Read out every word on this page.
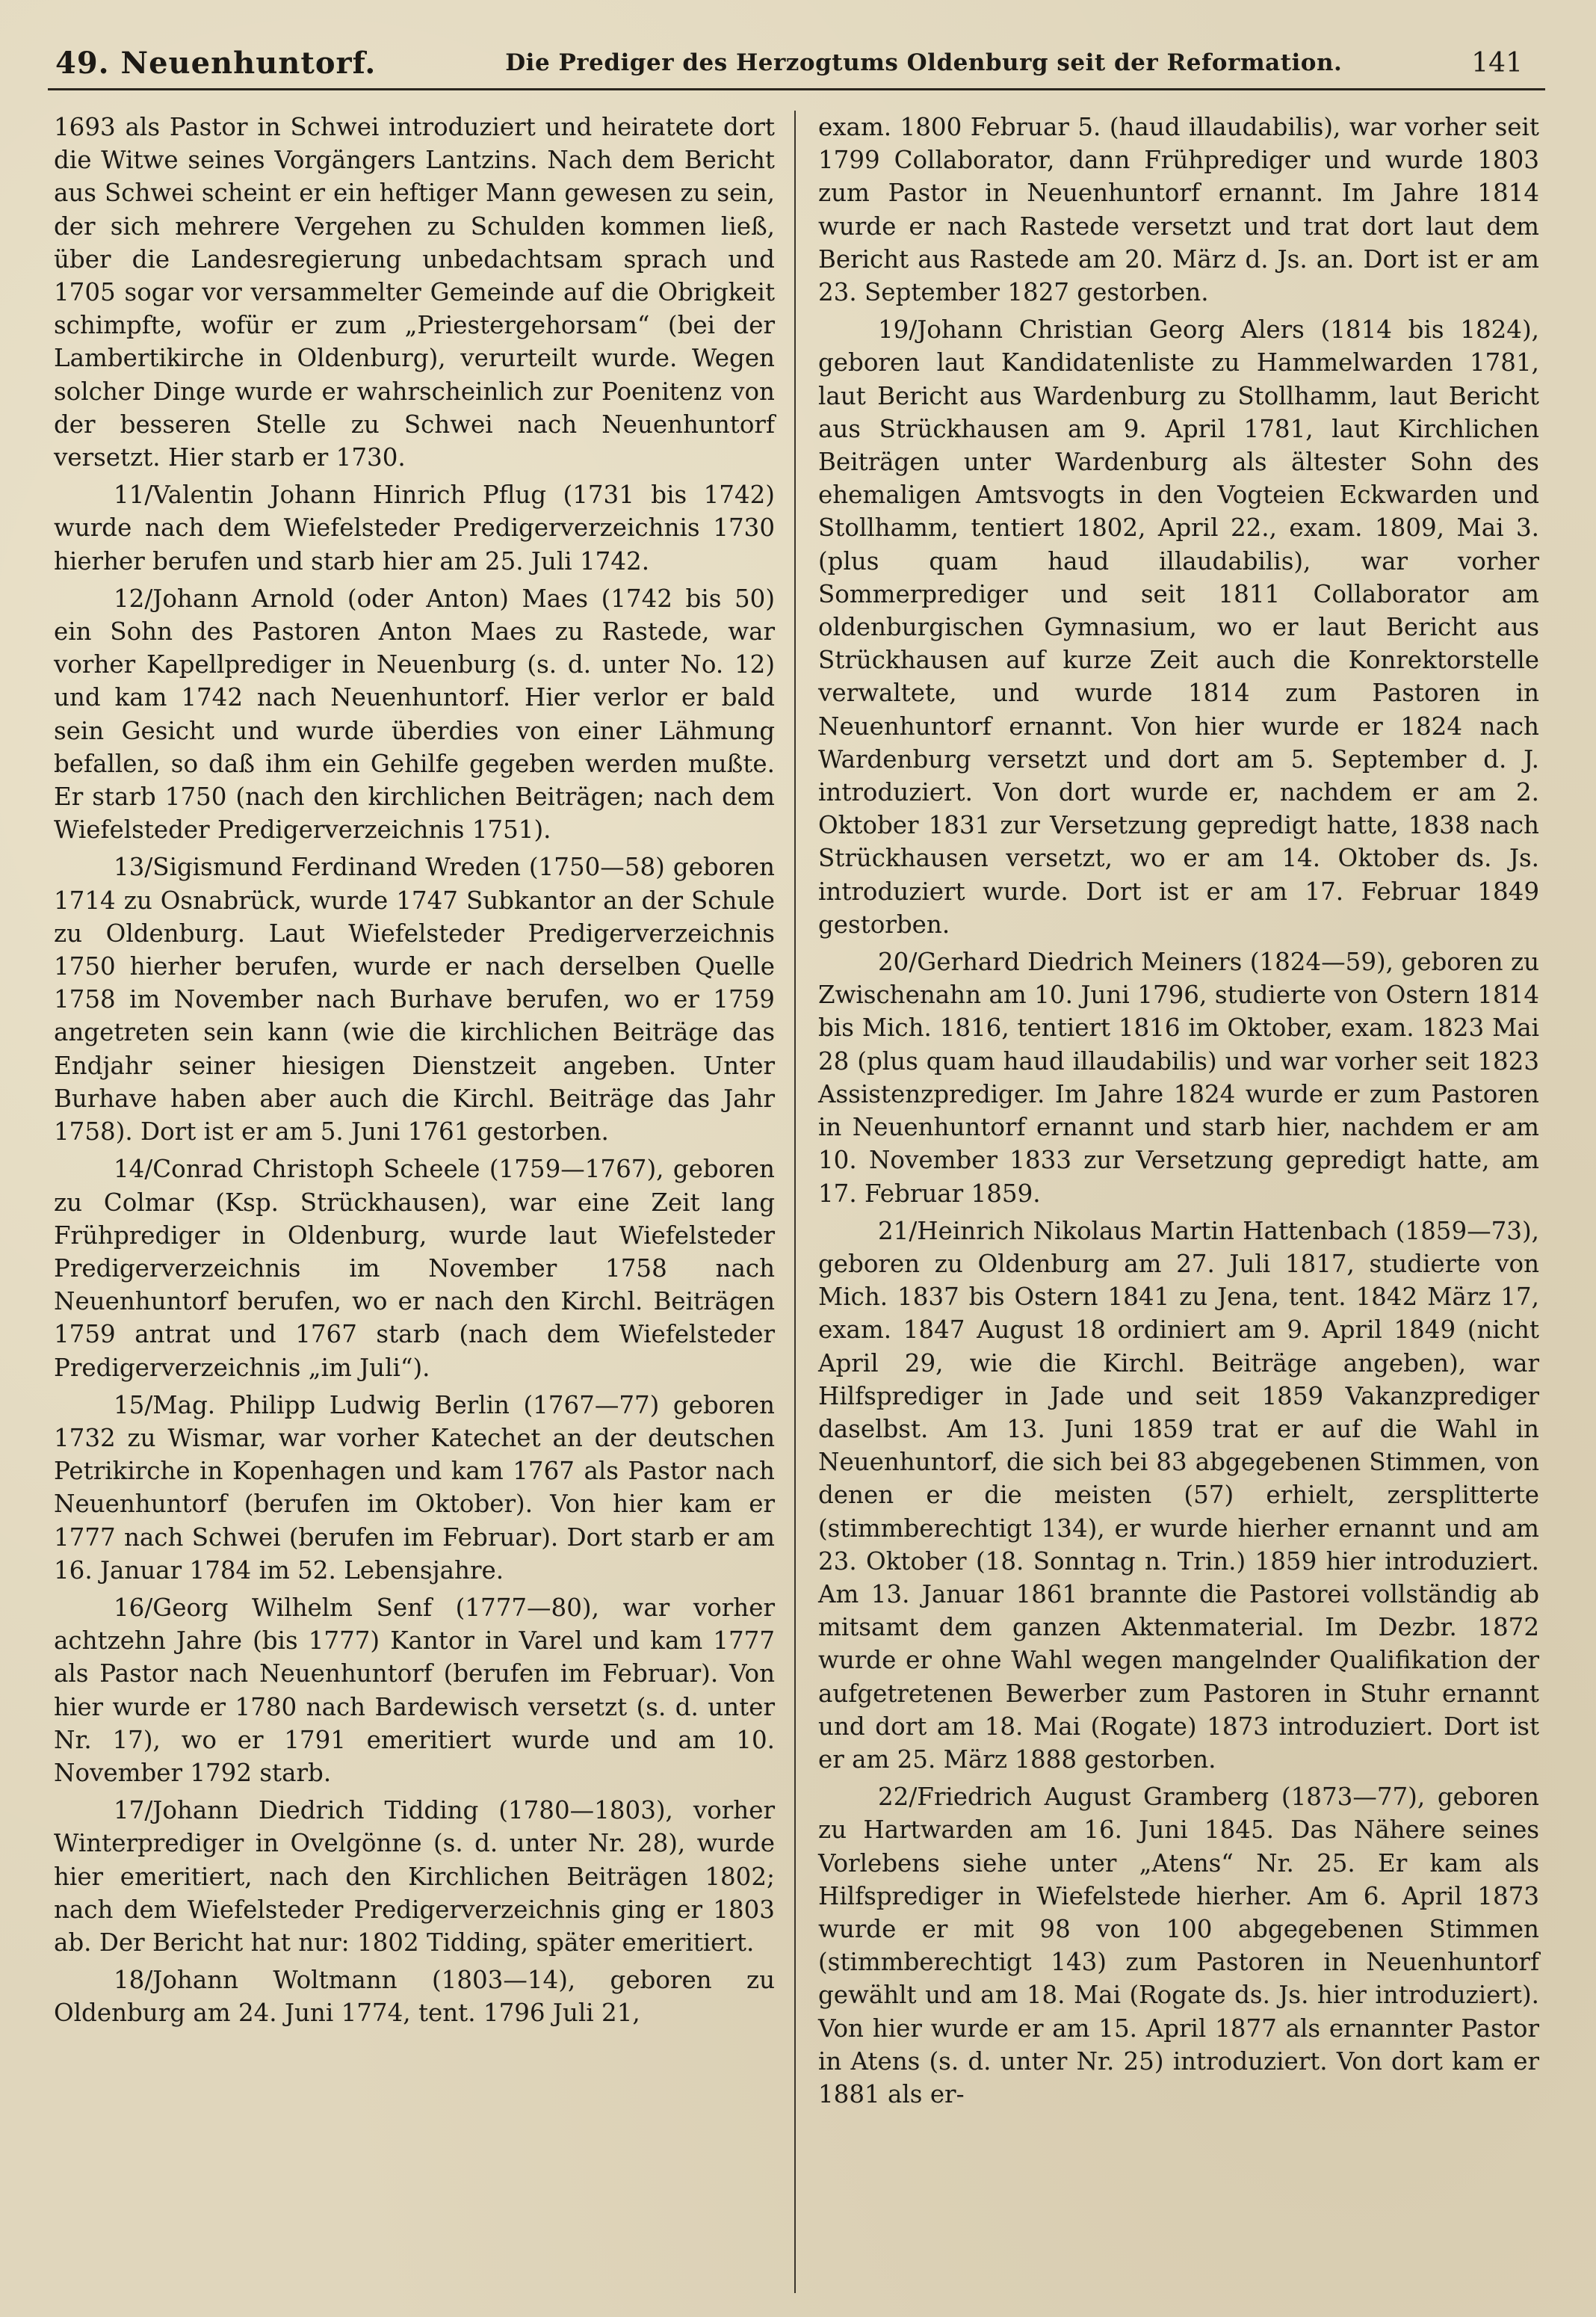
49. Neuenhuntorf.	Die Prediger des Herzogtums Oldenburg seit der Reformation.	141

1693 als Pastor in Schwei introduziert und heiratete dort die Witwe seines Vorgängers Lantzins. Nach dem Bericht aus Schwei scheint er ein heftiger Mann gewesen zu sein, der sich mehrere Vergehen zu Schulden kommen ließ, über die Landesregierung unbedachtsam sprach und 1705 sogar vor versammelter Gemeinde auf die Obrigkeit schimpfte, wofür er zum „Priestergehorsam“ (bei der Lambertikirche in Oldenburg), verurteilt wurde. Wegen solcher Dinge wurde er wahrscheinlich zur Poenitenz von der besseren Stelle zu Schwei nach Neuenhuntorf versetzt. Hier starb er 1730.

11/Valentin Johann Hinrich Pflug (1731 bis 1742) wurde nach dem Wiefelsteder Predigerverzeichnis 1730 hierher berufen und starb hier am 25. Juli 1742.

12/Johann Arnold (oder Anton) Maes (1742 bis 50) ein Sohn des Pastoren Anton Maes zu Rastede, war vorher Kapellprediger in Neuenburg (s. d. unter No. 12) und kam 1742 nach Neuenhuntorf. Hier verlor er bald sein Gesicht und wurde überdies von einer Lähmung befallen, so daß ihm ein Gehilfe gegeben werden mußte. Er starb 1750 (nach den kirchlichen Beiträgen; nach dem Wiefelsteder Predigerverzeichnis 1751).

13/Sigismund Ferdinand Wreden (1750—58) geboren 1714 zu Osnabrück, wurde 1747 Subkantor an der Schule zu Oldenburg. Laut Wiefelsteder Predigerverzeichnis 1750 hierher berufen, wurde er nach derselben Quelle 1758 im November nach Burhave berufen, wo er 1759 angetreten sein kann (wie die kirchlichen Beiträge das Endjahr seiner hiesigen Dienstzeit angeben. Unter Burhave haben aber auch die Kirchl. Beiträge das Jahr 1758). Dort ist er am 5. Juni 1761 gestorben.

14/Conrad Christoph Scheele (1759—1767), geboren zu Colmar (Ksp. Strückhausen), war eine Zeit lang Frühprediger in Oldenburg, wurde laut Wiefelsteder Predigerverzeichnis im November 1758 nach Neuenhuntorf berufen, wo er nach den Kirchl. Beiträgen 1759 antrat und 1767 starb (nach dem Wiefelsteder Predigerverzeichnis „im Juli“).

15/Mag. Philipp Ludwig Berlin (1767—77) geboren 1732 zu Wismar, war vorher Katechet an der deutschen Petrikirche in Kopenhagen und kam 1767 als Pastor nach Neuenhuntorf (berufen im Oktober). Von hier kam er 1777 nach Schwei (berufen im Februar). Dort starb er am 16. Januar 1784 im 52. Lebensjahre.

16/Georg Wilhelm Senf (1777—80), war vorher achtzehn Jahre (bis 1777) Kantor in Varel und kam 1777 als Pastor nach Neuenhuntorf (berufen im Februar). Von hier wurde er 1780 nach Bardewisch versetzt (s. d. unter Nr. 17), wo er 1791 emeritiert wurde und am 10. November 1792 starb.

17/Johann Diedrich Tidding (1780—1803), vorher Winterprediger in Ovelgönne (s. d. unter Nr. 28), wurde hier emeritiert, nach den Kirchlichen Beiträgen 1802; nach dem Wiefelsteder Predigerverzeichnis ging er 1803 ab. Der Bericht hat nur: 1802 Tidding, später emeritiert.

18/Johann Woltmann (1803—14), geboren zu Oldenburg am 24. Juni 1774, tent. 1796 Juli 21,

exam. 1800 Februar 5. (haud illaudabilis), war vorher seit 1799 Collaborator, dann Frühprediger und wurde 1803 zum Pastor in Neuenhuntorf ernannt. Im Jahre 1814 wurde er nach Rastede versetzt und trat dort laut dem Bericht aus Rastede am 20. März d. Js. an. Dort ist er am 23. September 1827 gestorben.

19/Johann Christian Georg Alers (1814 bis 1824), geboren laut Kandidatenliste zu Hammelwarden 1781, laut Bericht aus Wardenburg zu Stollhamm, laut Bericht aus Strückhausen am 9. April 1781, laut Kirchlichen Beiträgen unter Wardenburg als ältester Sohn des ehemaligen Amtsvogts in den Vogteien Eckwarden und Stollhamm, tentiert 1802, April 22., exam. 1809, Mai 3. (plus quam haud illaudabilis), war vorher Sommerprediger und seit 1811 Collaborator am oldenburgischen Gymnasium, wo er laut Bericht aus Strückhausen auf kurze Zeit auch die Konrektorstelle verwaltete, und wurde 1814 zum Pastoren in Neuenhuntorf ernannt. Von hier wurde er 1824 nach Wardenburg versetzt und dort am 5. September d. J. introduziert. Von dort wurde er, nachdem er am 2. Oktober 1831 zur Versetzung gepredigt hatte, 1838 nach Strückhausen versetzt, wo er am 14. Oktober ds. Js. introduziert wurde. Dort ist er am 17. Februar 1849 gestorben.

20/Gerhard Diedrich Meiners (1824—59), geboren zu Zwischenahn am 10. Juni 1796, studierte von Ostern 1814 bis Mich. 1816, tentiert 1816 im Oktober, exam. 1823 Mai 28 (plus quam haud illaudabilis) und war vorher seit 1823 Assistenzprediger. Im Jahre 1824 wurde er zum Pastoren in Neuenhuntorf ernannt und starb hier, nachdem er am 10. November 1833 zur Versetzung gepredigt hatte, am 17. Februar 1859.

21/Heinrich Nikolaus Martin Hattenbach (1859—73), geboren zu Oldenburg am 27. Juli 1817, studierte von Mich. 1837 bis Ostern 1841 zu Jena, tent. 1842 März 17, exam. 1847 August 18 ordiniert am 9. April 1849 (nicht April 29, wie die Kirchl. Beiträge angeben), war Hilfsprediger in Jade und seit 1859 Vakanzprediger daselbst. Am 13. Juni 1859 trat er auf die Wahl in Neuenhuntorf, die sich bei 83 abgegebenen Stimmen, von denen er die meisten (57) erhielt, zersplitterte (stimmberechtigt 134), er wurde hierher ernannt und am 23. Oktober (18. Sonntag n. Trin.) 1859 hier introduziert. Am 13. Januar 1861 brannte die Pastorei vollständig ab mitsamt dem ganzen Aktenmaterial. Im Dezbr. 1872 wurde er ohne Wahl wegen mangelnder Qualifikation der aufgetretenen Bewerber zum Pastoren in Stuhr ernannt und dort am 18. Mai (Rogate) 1873 introduziert. Dort ist er am 25. März 1888 gestorben.

22/Friedrich August Gramberg (1873—77), geboren zu Hartwarden am 16. Juni 1845. Das Nähere seines Vorlebens siehe unter „Atens“ Nr. 25. Er kam als Hilfsprediger in Wiefelstede hierher. Am 6. April 1873 wurde er mit 98 von 100 abgegebenen Stimmen (stimmberechtigt 143) zum Pastoren in Neuenhuntorf gewählt und am 18. Mai (Rogate ds. Js. hier introduziert). Von hier wurde er am 15. April 1877 als ernannter Pastor in Atens (s. d. unter Nr. 25) introduziert. Von dort kam er 1881 als er-
